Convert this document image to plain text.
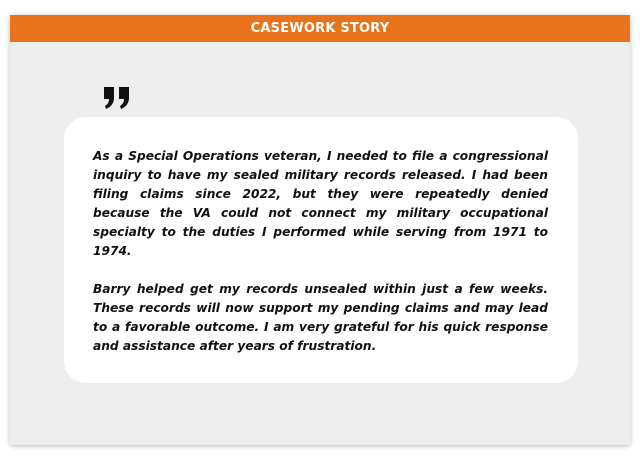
CASEWORK STORY

As a Special Operations veteran, I needed to file a congressional inquiry to have my sealed military records released. I had been filing claims since 2022, but they were repeatedly denied because the VA could not connect my military occupational specialty to the duties I performed while serving from 1971 to 1974.

Barry helped get my records unsealed within just a few weeks. These records will now support my pending claims and may lead to a favorable outcome. I am very grateful for his quick response and assistance after years of frustration.
